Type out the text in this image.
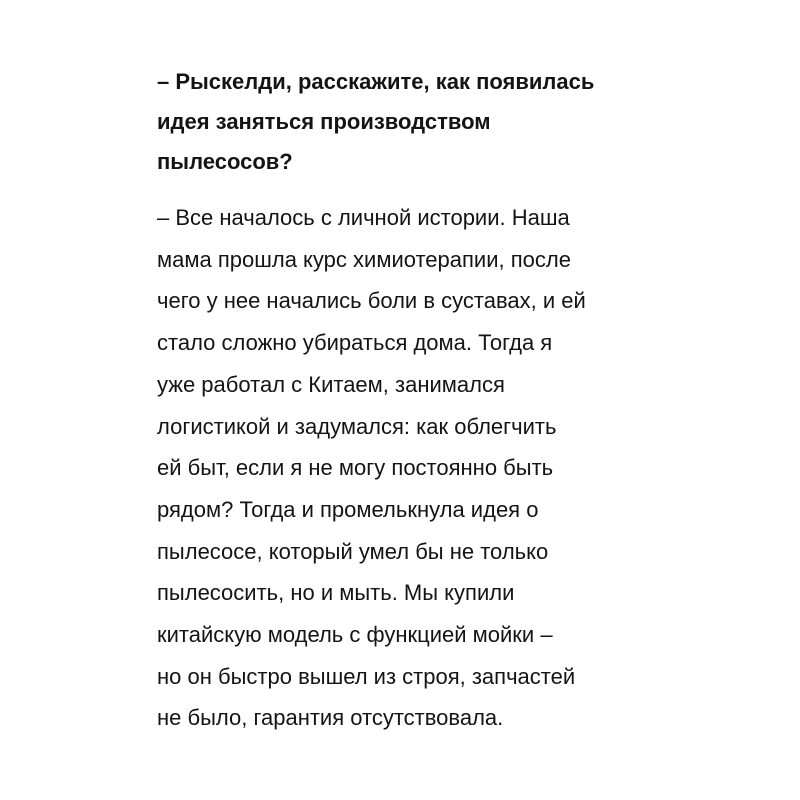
– Рыскелди, расскажите, как появилась
идея заняться производством
пылесосов?

– Все началось с личной истории. Наша
мама прошла курс химиотерапии, после
чего у нее начались боли в суставах, и ей
стало сложно убираться дома. Тогда я
уже работал с Китаем, занимался
логистикой и задумался: как облегчить
ей быт, если я не могу постоянно быть
рядом? Тогда и промелькнула идея о
пылесосе, который умел бы не только
пылесосить, но и мыть. Мы купили
китайскую модель с функцией мойки –
но он быстро вышел из строя, запчастей
не было, гарантия отсутствовала.
